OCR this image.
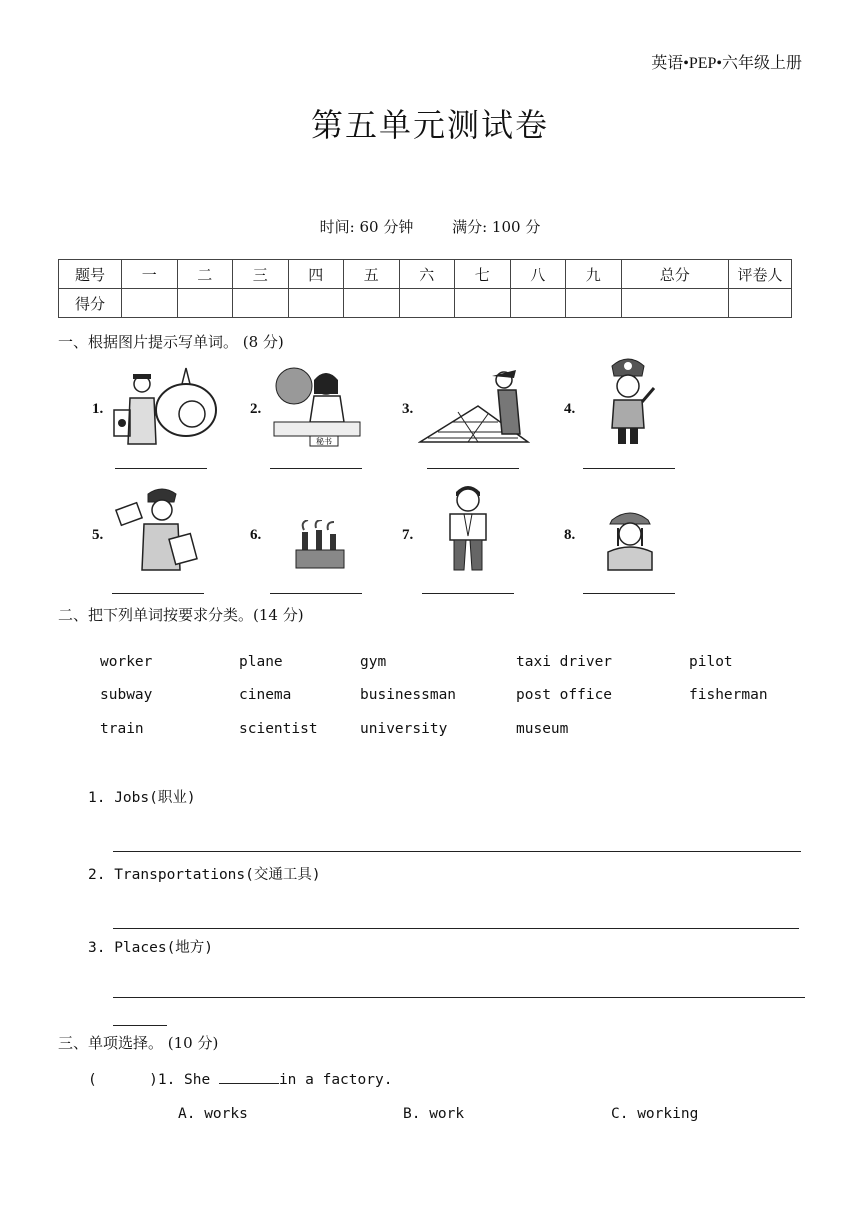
英语•PEP•六年级上册
第五单元测试卷
时间: 60 分钟	满分: 100 分
题号	一	二	三	四	五	六	七	八	九	总分	评卷人
得分											
一、根据图片提示写单词。 (8 分)
1.	2.
秘书
3.	4.
5.	6.	7.	8.
二、把下列单词按要求分类。(14 分)
worker	plane	gym	taxi driver	pilot
subway	cinema	businessman	post office	fisherman
train	scientist	university	museum
1. Jobs(职业)
2. Transportations(交通工具)
3. Places(地方)
三、单项选择。 (10 分)
(      )1. She	in a factory.
A. works	B. work	C. working
